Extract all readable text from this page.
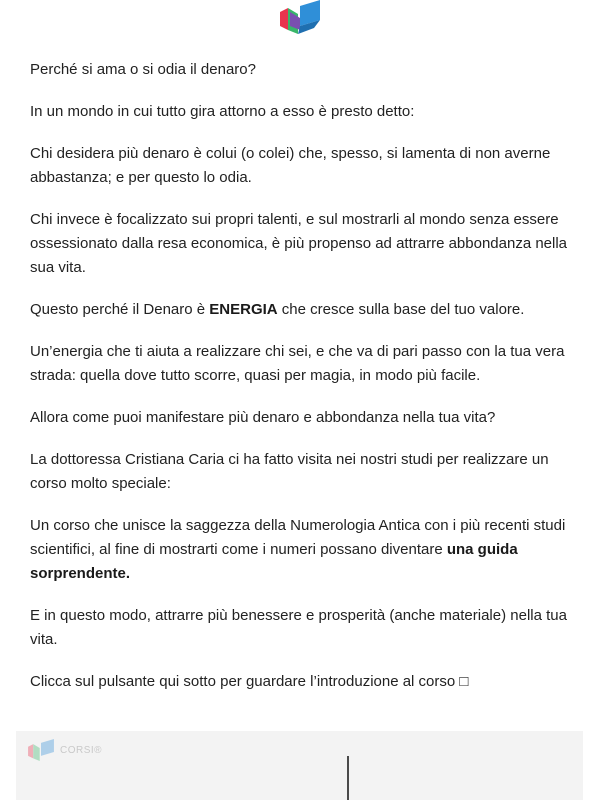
Perché si ama o si odia il denaro?

In un mondo in cui tutto gira attorno a esso è presto detto:

Chi desidera più denaro è colui (o colei) che, spesso, si lamenta di non averne abbastanza; e per questo lo odia.

Chi invece è focalizzato sui propri talenti, e sul mostrarli al mondo senza essere ossessionato dalla resa economica, è più propenso ad attrarre abbondanza nella sua vita.

Questo perché il Denaro è ENERGIA che cresce sulla base del tuo valore.

Un’energia che ti aiuta a realizzare chi sei, e che va di pari passo con la tua vera strada: quella dove tutto scorre, quasi per magia, in modo più facile.

Allora come puoi manifestare più denaro e abbondanza nella tua vita?

La dottoressa Cristiana Caria ci ha fatto visita nei nostri studi per realizzare un corso molto speciale:

Un corso che unisce la saggezza della Numerologia Antica con i più recenti studi scientifici, al fine di mostrarti come i numeri possano diventare una guida sorprendente.

E in questo modo, attrarre più benessere e prosperità (anche materiale) nella tua vita.

Clicca sul pulsante qui sotto per guardare l’introduzione al corso □

CORSI®
